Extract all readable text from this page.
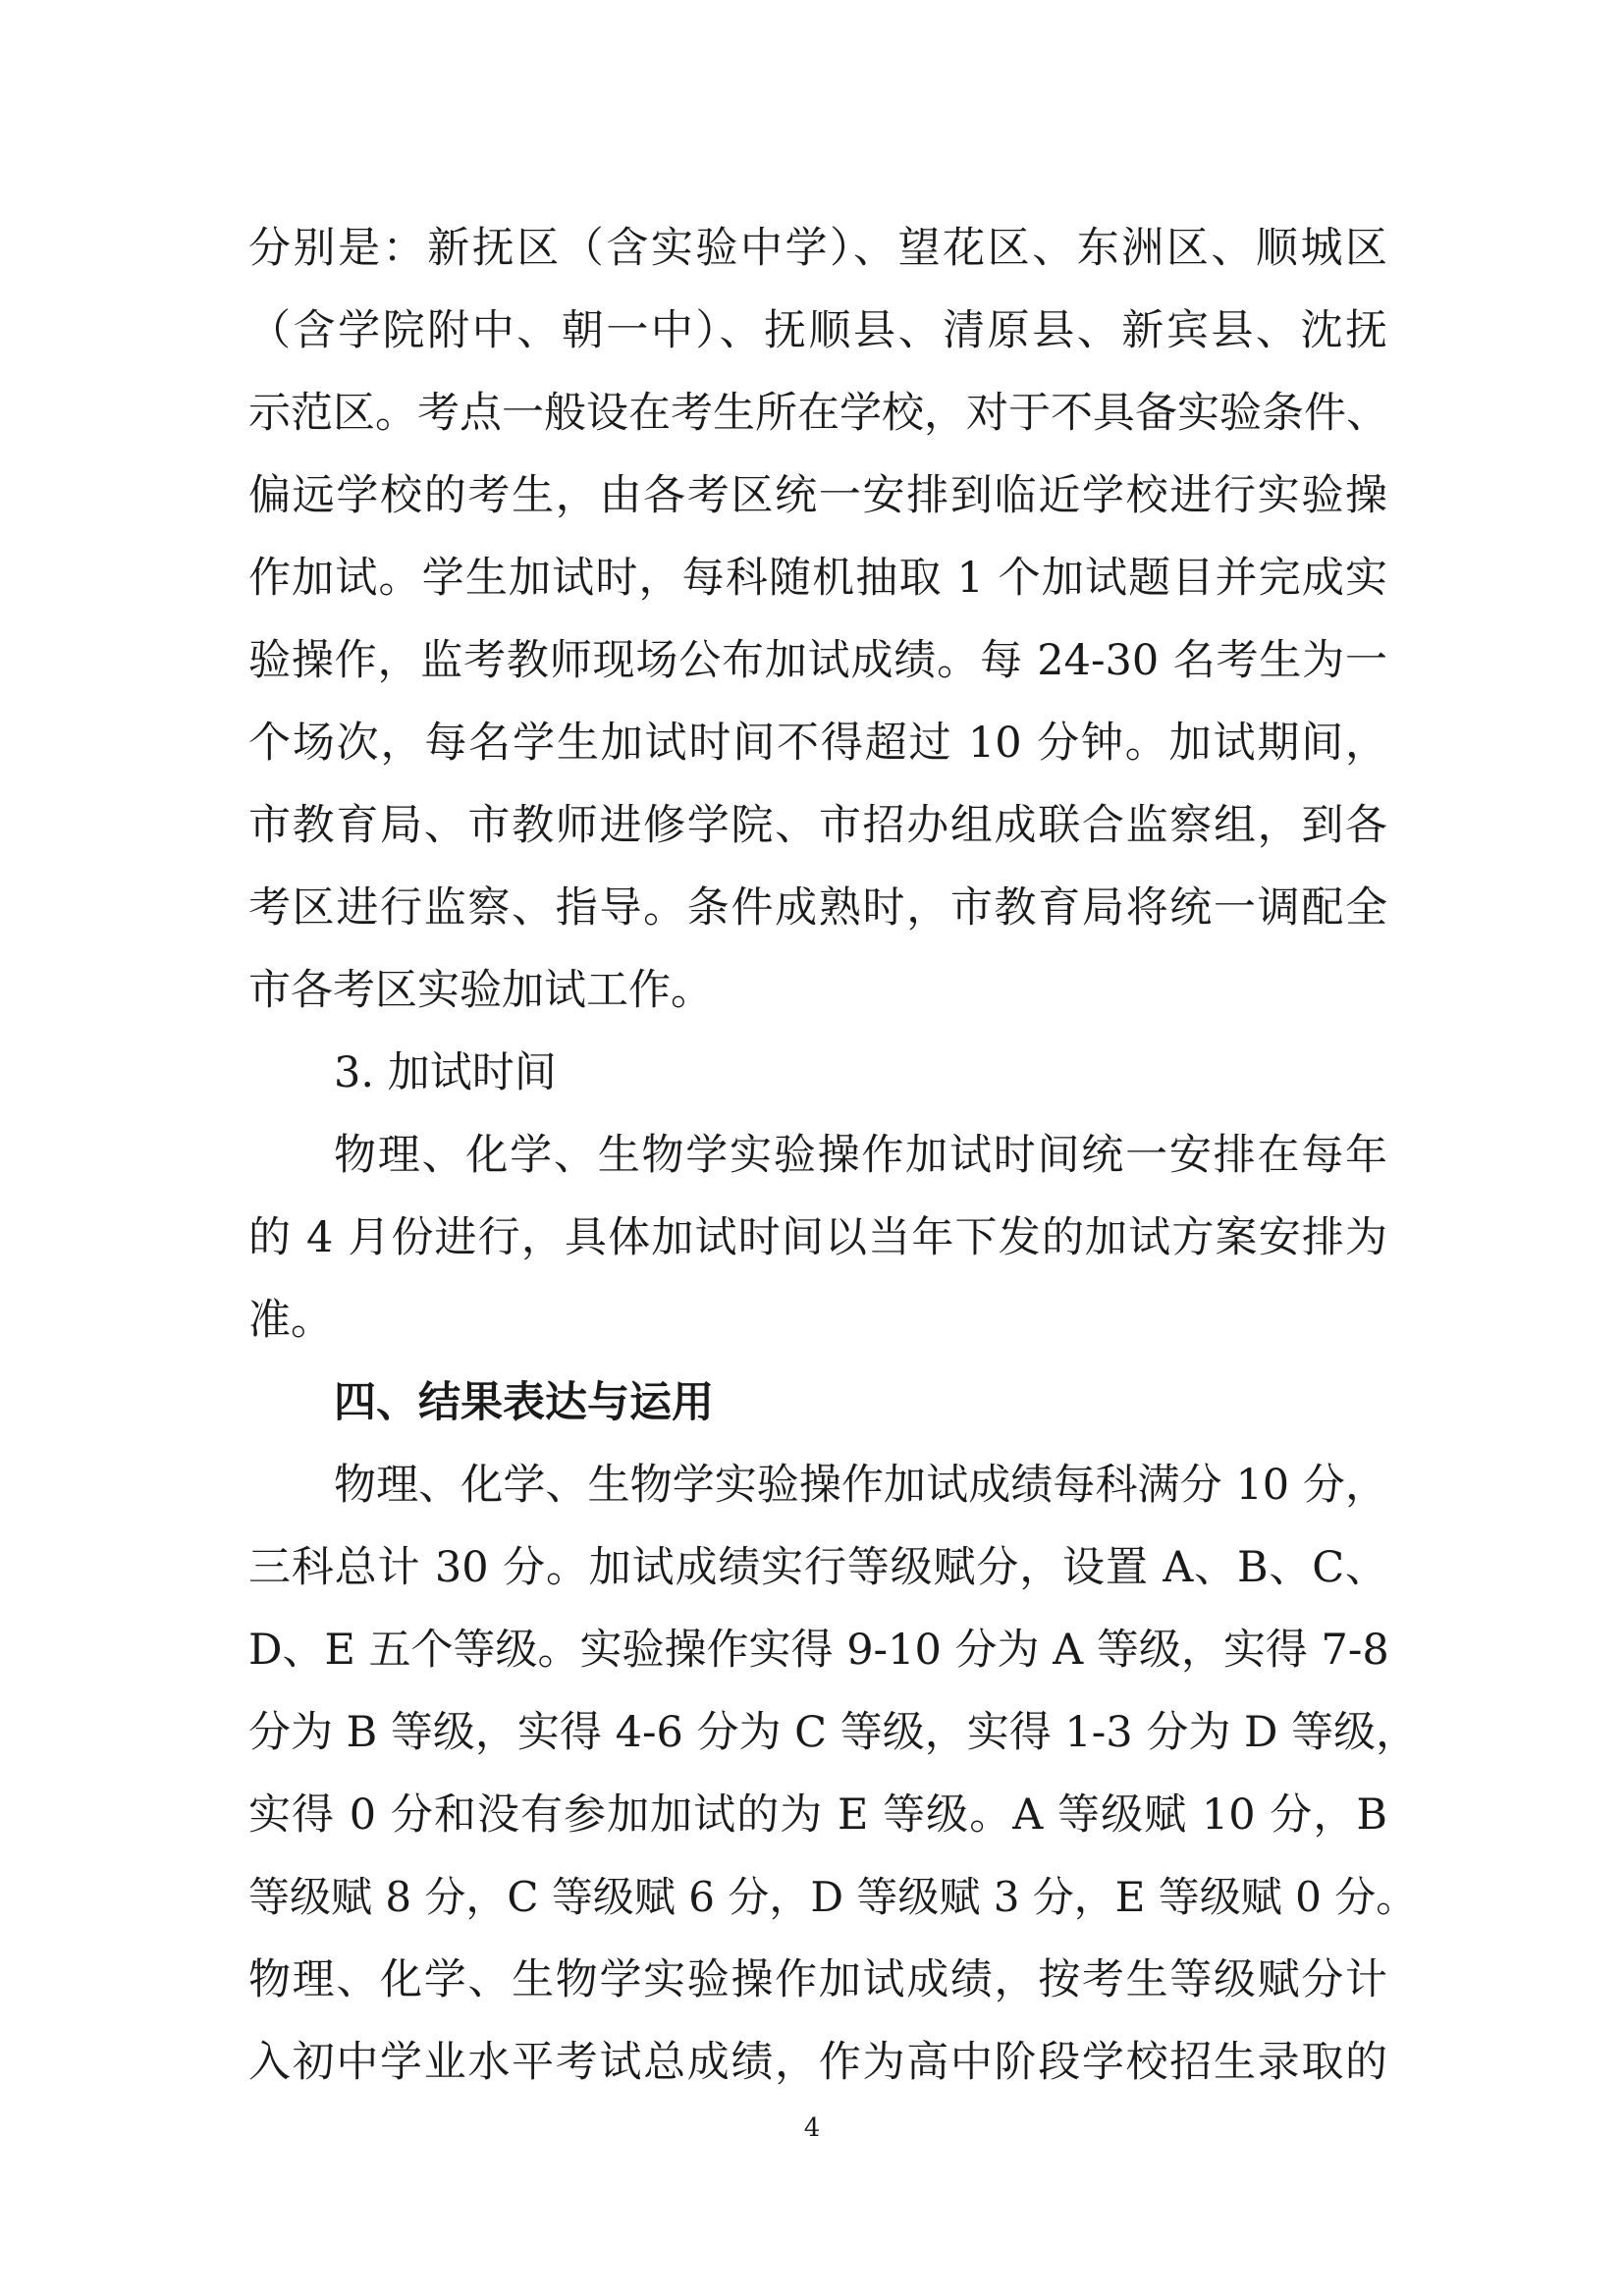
分别是：新抚区（含实验中学）、望花区、东洲区、顺城区
（含学院附中、朝一中）、抚顺县、清原县、新宾县、沈抚
示范区。考点一般设在考生所在学校，对于不具备实验条件、
偏远学校的考生，由各考区统一安排到临近学校进行实验操
作加试。学生加试时，每科随机抽取 1 个加试题目并完成实
验操作，监考教师现场公布加试成绩。每 24-30 名考生为一
个场次，每名学生加试时间不得超过 10 分钟。加试期间，
市教育局、市教师进修学院、市招办组成联合监察组，到各
考区进行监察、指导。条件成熟时，市教育局将统一调配全
市各考区实验加试工作。
3. 加试时间
物理、化学、生物学实验操作加试时间统一安排在每年
的 4 月份进行，具体加试时间以当年下发的加试方案安排为
准。
四、结果表达与运用
物理、化学、生物学实验操作加试成绩每科满分 10 分，
三科总计 30 分。加试成绩实行等级赋分，设置 A、B、C、
D、E 五个等级。实验操作实得 9-10 分为 A 等级，实得 7-8
分为 B 等级，实得 4-6 分为 C 等级，实得 1-3 分为 D 等级，
实得 0 分和没有参加加试的为 E 等级。A 等级赋 10 分，B
等级赋 8 分，C 等级赋 6 分，D 等级赋 3 分，E 等级赋 0 分。
物理、化学、生物学实验操作加试成绩，按考生等级赋分计
入初中学业水平考试总成绩，作为高中阶段学校招生录取的
4
